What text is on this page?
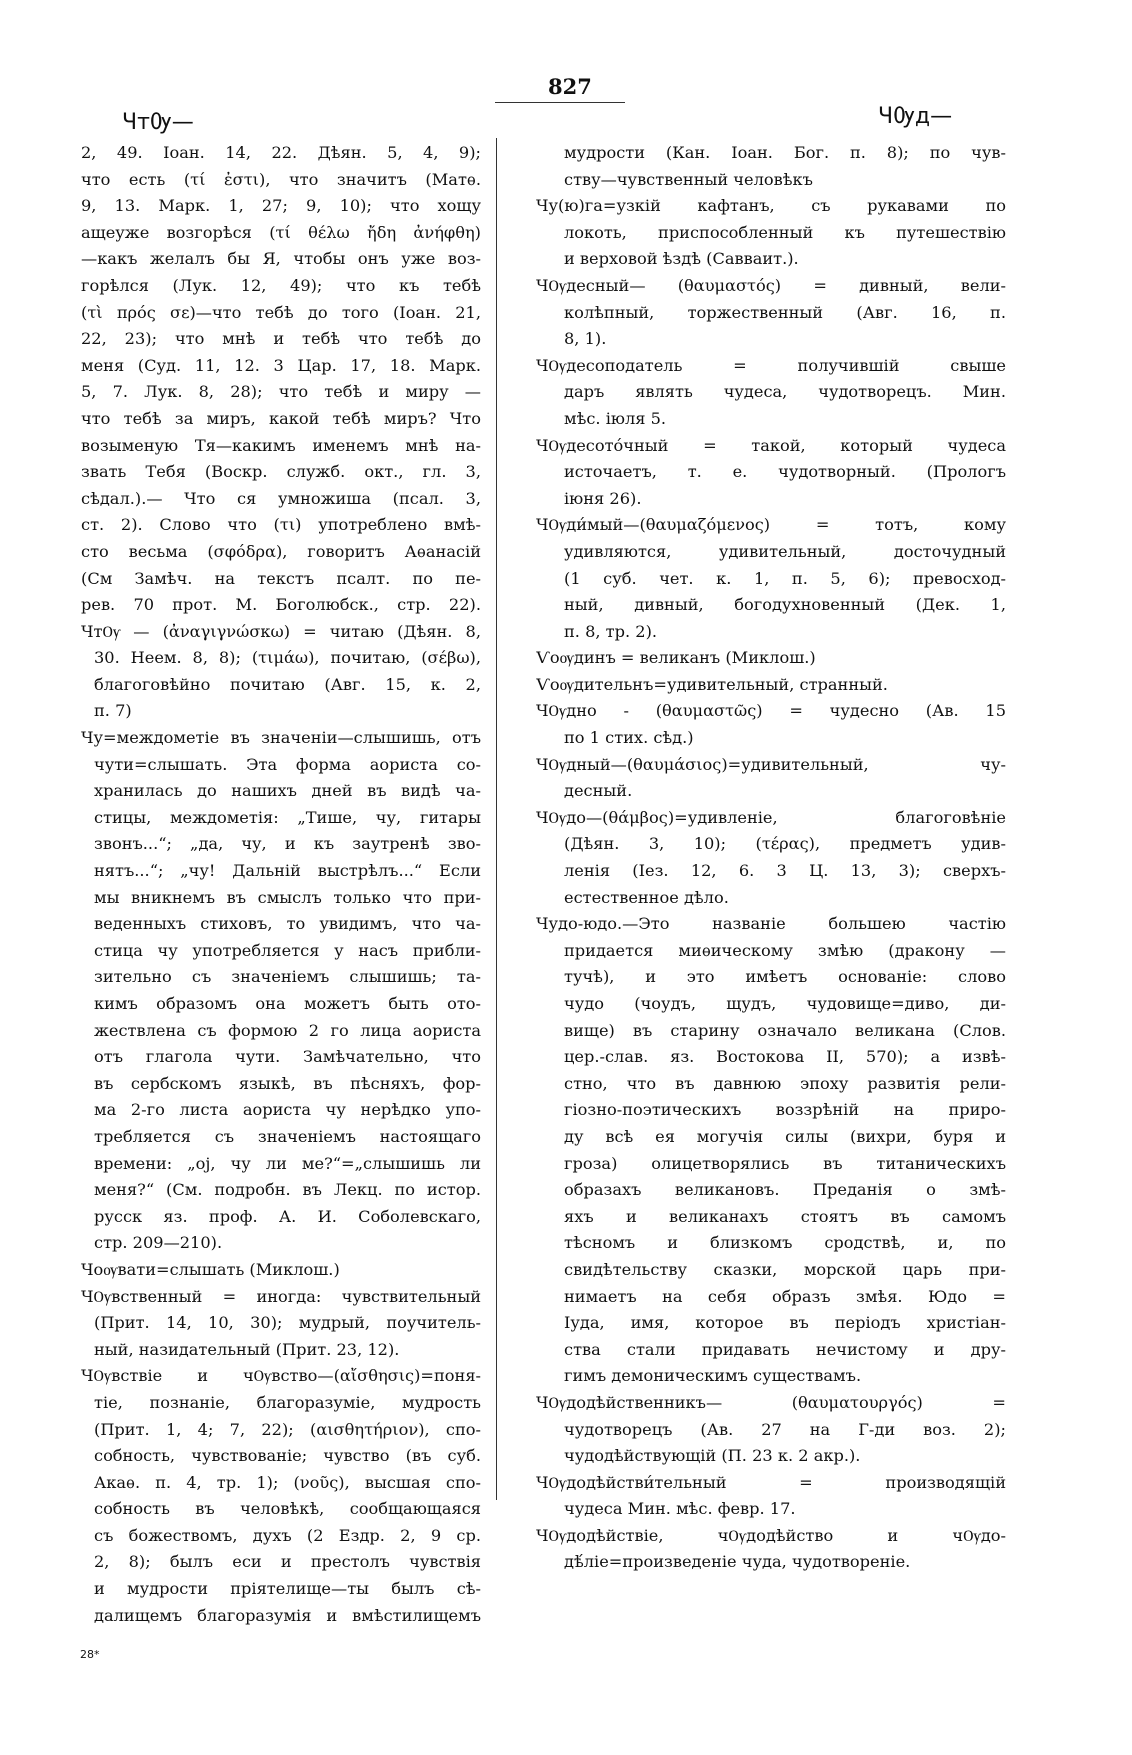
ЧтѸ—
827
ЧѸд—
2, 49. Іоан. 14, 22. Дѣян. 5, 4, 9);
что есть (τί ἐστι), что значитъ (Матѳ.
9, 13. Марк. 1, 27; 9, 10); что хощу
ащеуже возгорѣся (τί θέλω ἤδη ἀνήφθη)
—какъ желалъ бы Я, чтобы онъ уже воз-
горѣлся (Лук. 12, 49); что къ тебѣ
(τὶ πρός σε)—что тебѣ до того (Іоан. 21,
22, 23); что мнѣ и тебѣ что тебѣ до
меня (Суд. 11, 12. 3 Цар. 17, 18. Марк.
5, 7. Лук. 8, 28); что тебѣ и миру —
что тебѣ за миръ, какой тебѣ миръ? Что
возыменую Тя—какимъ именемъ мнѣ на-
звать Тебя (Воскр. служб. окт., гл. 3,
сѣдал.).— Что ся умножиша (псал. 3,
ст. 2). Слово что (τι) употреблено вмѣ-
сто весьма (σφόδρα), говоритъ Аѳанасій
(См Замѣч. на текстъ псалт. по пе-
рев. 70 прот. М. Боголюбск., стр. 22).
ЧтѸ — (ἀναγιγνώσκω) = читаю (Дѣян. 8,
30. Неем. 8, 8); (τιμάω), почитаю, (σέβω),
благоговѣйно почитаю (Авг. 15, к. 2,
п. 7)
Чу=междометіе въ значеніи—слышишь, отъ
чути=слышать. Эта форма аориста со-
хранилась до нашихъ дней въ видѣ ча-
стицы, междометія: „Тише, чу, гитары
звонъ...“; „да, чу, и къ заутренѣ зво-
нятъ...“; „чу! Дальній выстрѣлъ...“ Если
мы вникнемъ въ смыслъ только что при-
веденныхъ стиховъ, то увидимъ, что ча-
стица чу употребляется у насъ прибли-
зительно съ значеніемъ слышишь; та-
кимъ образомъ она можетъ быть ото-
жествлена съ формою 2 го лица аориста
отъ глагола чути. Замѣчательно, что
въ сербскомъ языкѣ, въ пѣсняхъ, фор-
ма 2-го листа аориста чу нерѣдко упо-
требляется съ значеніемъ настоящаго
времени: „oj, чу ли ме?“=„слышишь ли
меня?“ (См. подробн. въ Лекц. по истор.
русск яз. проф. А. И. Соболевскаго,
стр. 209—210).
Чоѹвати=слышать (Миклош.)
ЧѸвственный = иногда: чувствительный
(Прит. 14, 10, 30); мудрый, поучитель-
ный, назидательный (Прит. 23, 12).
ЧѸвствіе и чѸвство—(αἴσθησις)=поня-
тіе, познаніе, благоразуміе, мудрость
(Прит. 1, 4; 7, 22); (αισθητήριον), спо-
собность, чувствованіе; чувство (въ суб.
Акаѳ. п. 4, тр. 1); (νοῦς), высшая спо-
собность въ человѣкѣ, сообщающаяся
съ божествомъ, духъ (2 Ездр. 2, 9 ср.
2, 8); былъ еси и престолъ чувствія
и мудрости пріятелище—ты былъ сѣ-
далищемъ благоразумія и вмѣстилищемъ
мудрости (Кан. Іоан. Бог. п. 8); по чув-
ству—чувственный человѣкъ
Чу(ю)га=узкій кафтанъ, съ рукавами по
локоть, приспособленный къ путешествію
и верховой ѣздѣ (Савваит.).
ЧѸдесный— (θαυμαστός) = дивный, вели-
колѣпный, торжественный (Авг. 16, п.
8, 1).
ЧѸдесоподатель = получившій свыше
даръ являть чудеса, чудотворецъ. Мин.
мѣс. іюля 5.
ЧѸдесото́чный = такой, который чудеса
источаетъ, т. е. чудотворный. (Прологъ
іюня 26).
ЧѸди́мый—(θαυμαζόμενος) = тотъ, кому
удивляются, удивительный, досточудный
(1 суб. чет. к. 1, п. 5, 6); превосход-
ный, дивный, богодухновенный (Дек. 1,
п. 8, тр. 2).
Ѵоѹдинъ = великанъ (Миклош.)
Ѵоѹдительнъ=удивительный, странный.
ЧѸдно - (θαυμαστῶς) = чудесно (Ав. 15
по 1 стих. сѣд.)
ЧѸдный—(θαυμάσιος)=удивительный, чу-
десный.
ЧѸдо—(θάμβος)=удивленіе, благоговѣніе
(Дѣян. 3, 10); (τέρας), предметъ удив-
ленія (Іез. 12, 6. 3 Ц. 13, 3); сверхъ-
естественное дѣло.
Чудо-юдо.—Это названіе большею частію
придается миѳическому змѣю (дракону —
тучѣ), и это имѣетъ основаніе: слово
чудо (чоудъ, щудъ, чудовище=диво, ди-
вище) въ старину означало великана (Слов.
цер.-слав. яз. Востокова II, 570); а извѣ-
стно, что въ давнюю эпоху развитія рели-
гіозно-поэтическихъ воззрѣній на приро-
ду всѣ ея могучія силы (вихри, буря и
гроза) олицетворялись въ титаническихъ
образахъ великановъ. Преданія о змѣ-
яхъ и великанахъ стоятъ въ самомъ
тѣсномъ и близкомъ сродствѣ, и, по
свидѣтельству сказки, морской царь при-
нимаетъ на себя образъ змѣя. Юдо =
Іуда, имя, которое въ періодъ христіан-
ства стали придавать нечистому и дру-
гимъ демоническимъ существамъ.
ЧѸдодѣйственникъ— (θαυματουργός) =
чудотворецъ (Ав. 27 на Г-ди воз. 2);
чудодѣйствующій (П. 23 к. 2 акр.).
ЧѸдодѣйстви́тельный = производящій
чудеса Мин. мѣс. февр. 17.
ЧѸдодѣйствіе, чѸдодѣйство и чѸдо-
дѣ́ліе=произведеніе чуда, чудотвореніе.
28*
